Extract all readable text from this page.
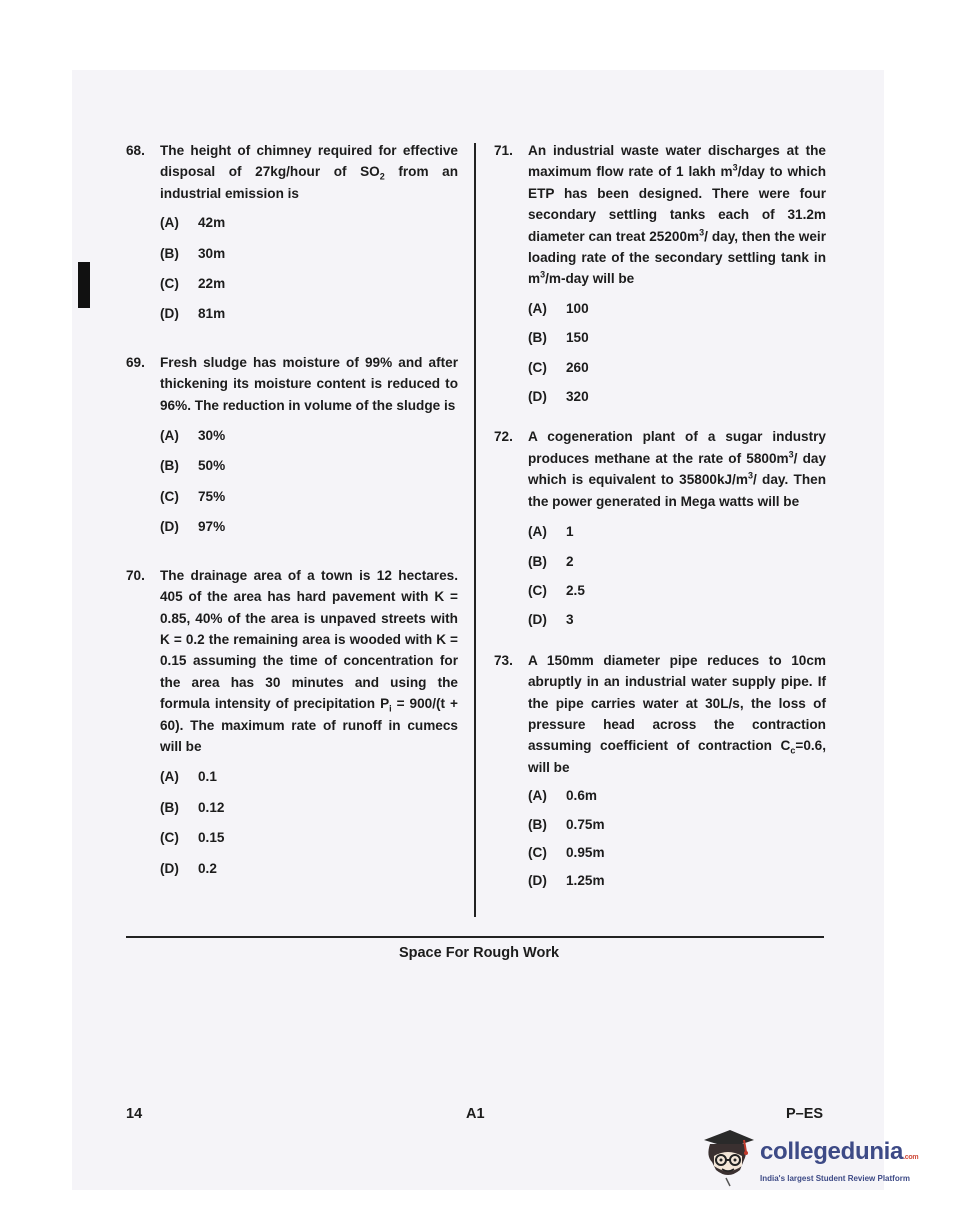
68. The height of chimney required for effective disposal of 27kg/hour of $SO_2$ from an industrial emission is
(A) 42m
(B) 30m
(C) 22m
(D) 81m
69. Fresh sludge has moisture of 99% and after thickening its moisture content is reduced to 96%. The reduction in volume of the sludge is
(A) 30%
(B) 50%
(C) 75%
(D) 97%
70. The drainage area of a town is 12 hectares. 405 of the area has hard pavement with K = 0.85, 40% of the area is unpaved streets with K = 0.2 the remaining area is wooded with K = 0.15 assuming the time of concentration for the area has 30 minutes and using the formula intensity of precipitation $P_i = 900/(t + 60)$. The maximum rate of runoff in cumecs will be
(A) 0.1
(B) 0.12
(C) 0.15
(D) 0.2
71. An industrial waste water discharges at the maximum flow rate of 1 lakh $m^3$/day to which ETP has been designed. There were four secondary settling tanks each of 31.2m diameter can treat $25200m^3/$ day, then the weir loading rate of the secondary settling tank in $m^3/m$-day will be
(A) 100
(B) 150
(C) 260
(D) 320
72. A cogeneration plant of a sugar industry produces methane at the rate of $5800m^3/$ day which is equivalent to $35800kJ/m^3/$ day. Then the power generated in Mega watts will be
(A) 1
(B) 2
(C) 2.5
(D) 3
73. A 150mm diameter pipe reduces to 10cm abruptly in an industrial water supply pipe. If the pipe carries water at 30L/s, the loss of pressure head across the contraction assuming coefficient of contraction $C_c=0.6$, will be
(A) 0.6m
(B) 0.75m
(C) 0.95m
(D) 1.25m
Space For Rough Work
14	A1	P–ES
collegedunia.com
India's largest Student Review Platform
